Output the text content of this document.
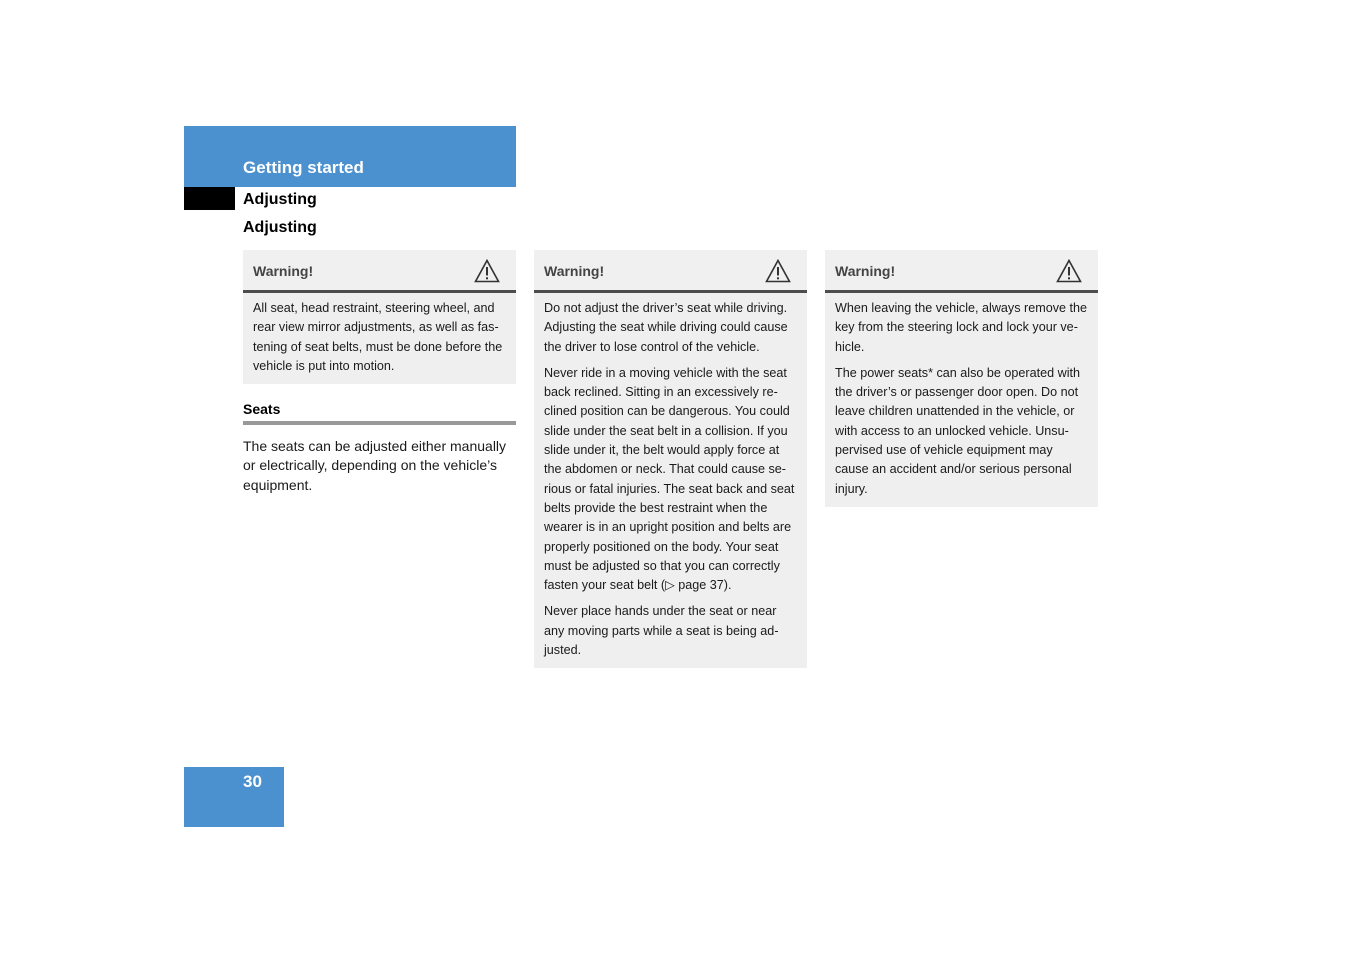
Getting started
Adjusting
Adjusting
Warning!

All seat, head restraint, steering wheel, and rear view mirror adjustments, as well as fas-tening of seat belts, must be done before the vehicle is put into motion.

Seats
The seats can be adjusted either manually or electrically, depending on the vehicle’s equipment.
Warning!

Do not adjust the driver’s seat while driving. Adjusting the seat while driving could cause the driver to lose control of the vehicle.

Never ride in a moving vehicle with the seat back reclined. Sitting in an excessively re-clined position can be dangerous. You could slide under the seat belt in a collision. If you slide under it, the belt would apply force at the abdomen or neck. That could cause se-rious or fatal injuries. The seat back and seat belts provide the best restraint when the wearer is in an upright position and belts are properly positioned on the body. Your seat must be adjusted so that you can correctly fasten your seat belt (▷ page 37).

Never place hands under the seat or near any moving parts while a seat is being ad-justed.

Warning!

When leaving the vehicle, always remove the key from the steering lock and lock your ve-hicle.

The power seats* can also be operated with the driver’s or passenger door open. Do not leave children unattended in the vehicle, or with access to an unlocked vehicle. Unsu-pervised use of vehicle equipment may cause an accident and/or serious personal injury.

30
